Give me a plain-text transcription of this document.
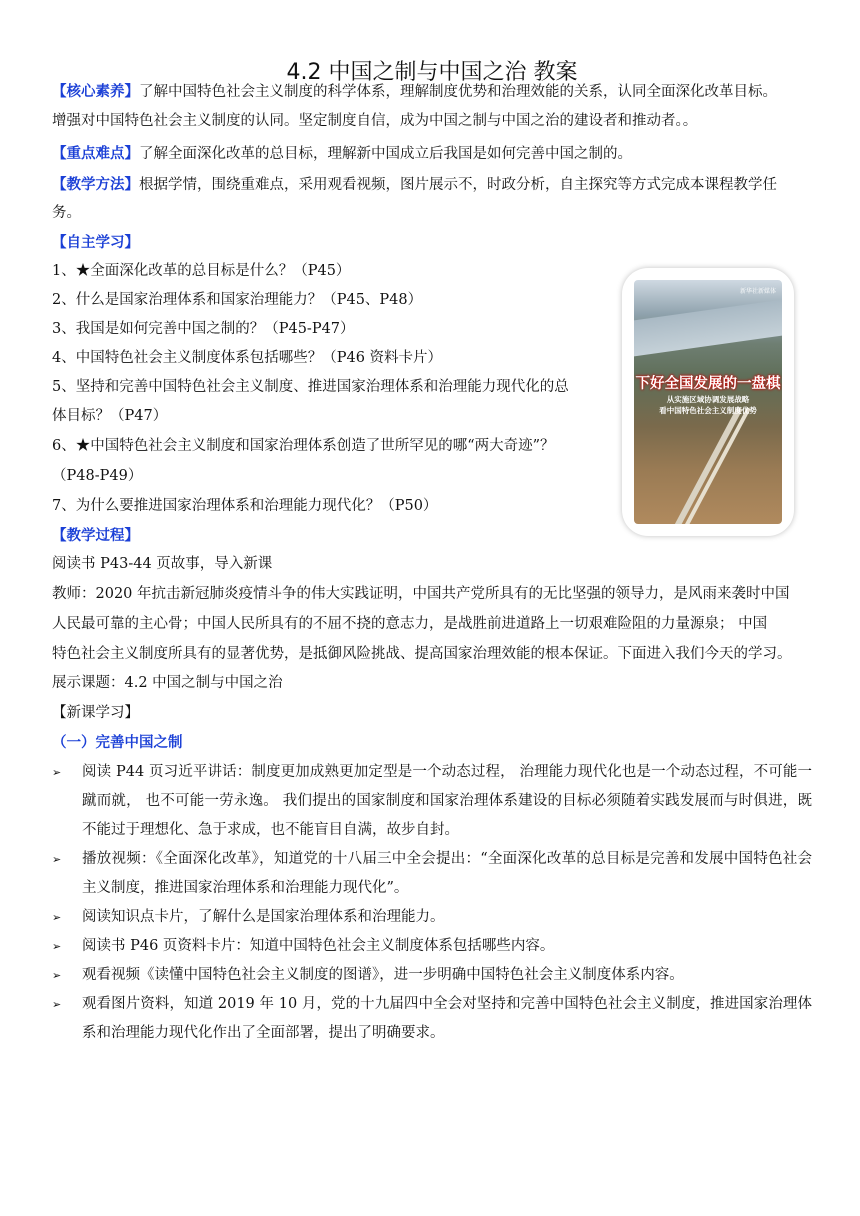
4.2 中国之制与中国之治 教案
【核心素养】了解中国特色社会主义制度的科学体系，理解制度优势和治理效能的关系，认同全面深化改革目标。
增强对中国特色社会主义制度的认同。坚定制度自信，成为中国之制与中国之治的建设者和推动者。。
【重点难点】了解全面深化改革的总目标，理解新中国成立后我国是如何完善中国之制的。
【教学方法】根据学情，围绕重难点，采用观看视频，图片展示不，时政分析，自主探究等方式完成本课程教学任
务。
【自主学习】
1、★全面深化改革的总目标是什么？（P45）
2、什么是国家治理体系和国家治理能力？（P45、P48）
3、我国是如何完善中国之制的？（P45-P47）
4、中国特色社会主义制度体系包括哪些？（P46 资料卡片）
5、坚持和完善中国特色社会主义制度、推进国家治理体系和治理能力现代化的总
体目标？（P47）
6、★中国特色社会主义制度和国家治理体系创造了世所罕见的哪“两大奇迹”？
（P48-P49）
7、为什么要推进国家治理体系和治理能力现代化？（P50）
【教学过程】
阅读书 P43-44 页故事，导入新课
教师：2020 年抗击新冠肺炎疫情斗争的伟大实践证明，中国共产党所具有的无比坚强的领导力，是风雨来袭时中国
人民最可靠的主心骨；中国人民所具有的不屈不挠的意志力，是战胜前进道路上一切艰难险阻的力量源泉； 中国
特色社会主义制度所具有的显著优势，是抵御风险挑战、提高国家治理效能的根本保证。下面进入我们今天的学习。
展示课题：4.2 中国之制与中国之治
【新课学习】
（一）完善中国之制
➢ 阅读 P44 页习近平讲话：制度更加成熟更加定型是一个动态过程， 治理能力现代化也是一个动态过程，不可能一蹴而就， 也不可能一劳永逸。 我们提出的国家制度和国家治理体系建设的目标必须随着实践发展而与时俱进，既不能过于理想化、急于求成，也不能盲目自满，故步自封。
➢ 播放视频：《全面深化改革》，知道党的十八届三中全会提出：“全面深化改革的总目标是完善和发展中国特色社会主义制度，推进国家治理体系和治理能力现代化”。
➢ 阅读知识点卡片，了解什么是国家治理体系和治理能力。
➢ 阅读书 P46 页资料卡片：知道中国特色社会主义制度体系包括哪些内容。
➢ 观看视频《读懂中国特色社会主义制度的图谱》，进一步明确中国特色社会主义制度体系内容。
➢ 观看图片资料，知道 2019 年 10 月，党的十九届四中全会对坚持和完善中国特色社会主义制度，推进国家治理体系和治理能力现代化作出了全面部署，提出了明确要求。
新华社新媒体
下好全国发展的一盘棋
从实施区域协调发展战略
看中国特色社会主义制度优势
